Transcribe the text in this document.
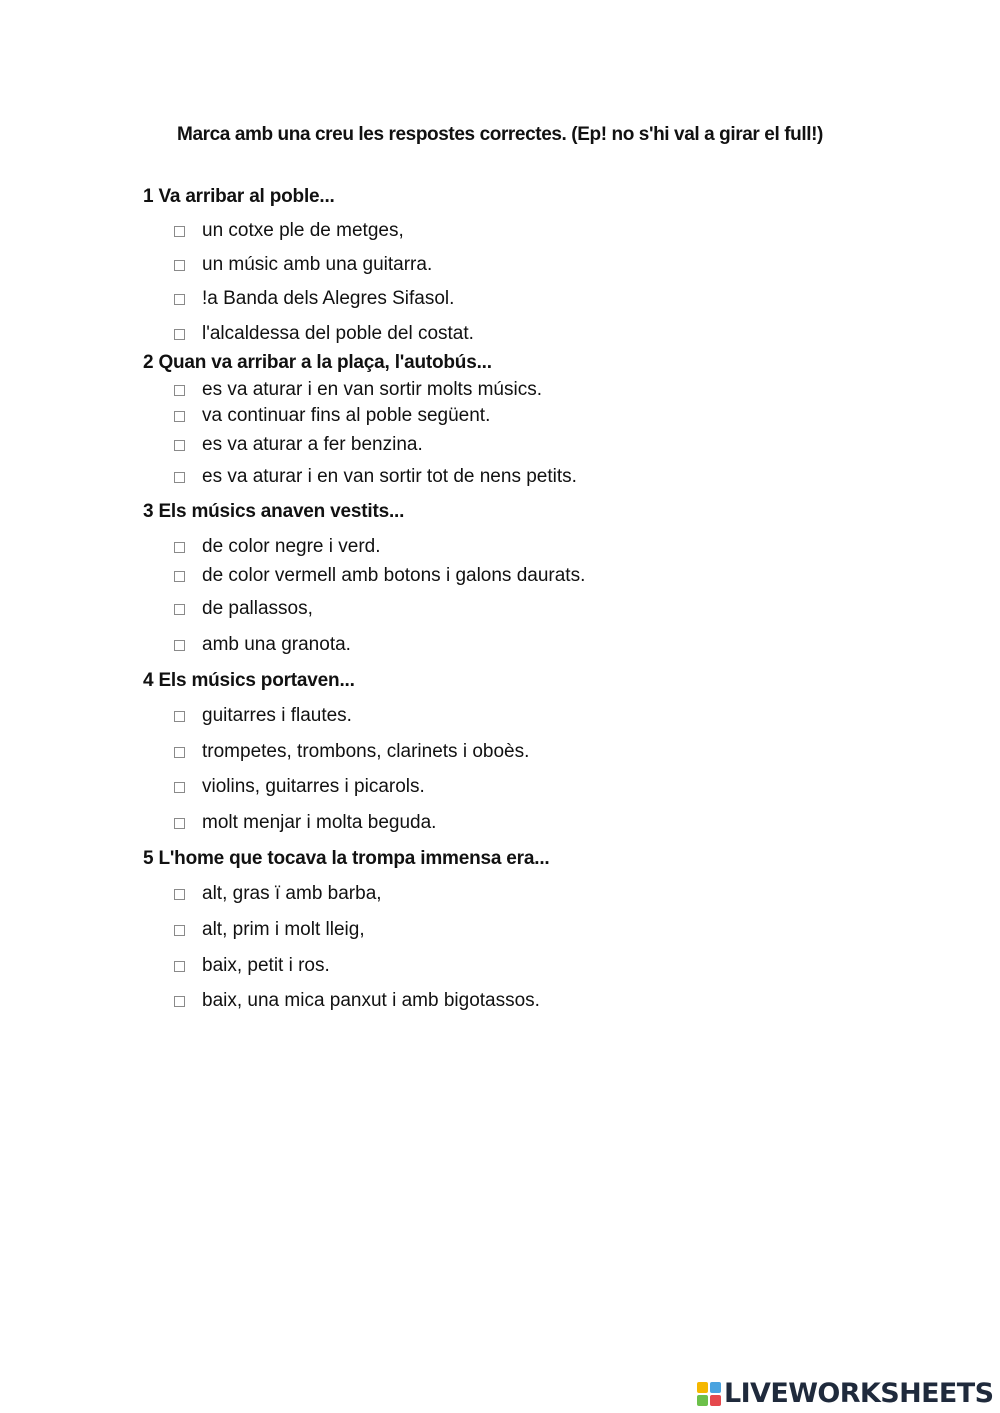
Marca amb una creu les respostes correctes. (Ep! no s'hi val a girar el full!)
1 Va arribar al poble...
un cotxe ple de metges,
un músic amb una guitarra.
!a Banda dels Alegres Sifasol.
l'alcaldessa del poble del costat.
2 Quan va arribar a la plaça, l'autobús...
es va aturar i en van sortir molts músics.
va continuar fins al poble següent.
es va aturar a fer benzina.
es va aturar i en van sortir tot de nens petits.
3 Els músics anaven vestits...
de color negre i verd.
de color vermell amb botons i galons daurats.
de pallassos,
amb una granota.
4 Els músics portaven...
guitarres i flautes.
trompetes, trombons, clarinets i oboès.
violins, guitarres i picarols.
molt menjar i molta beguda.
5 L'home que tocava la trompa immensa era...
alt, gras ï amb barba,
alt, prim i molt lleig,
baix, petit i ros.
baix, una mica panxut i amb bigotassos.
LIVEWORKSHEETS
